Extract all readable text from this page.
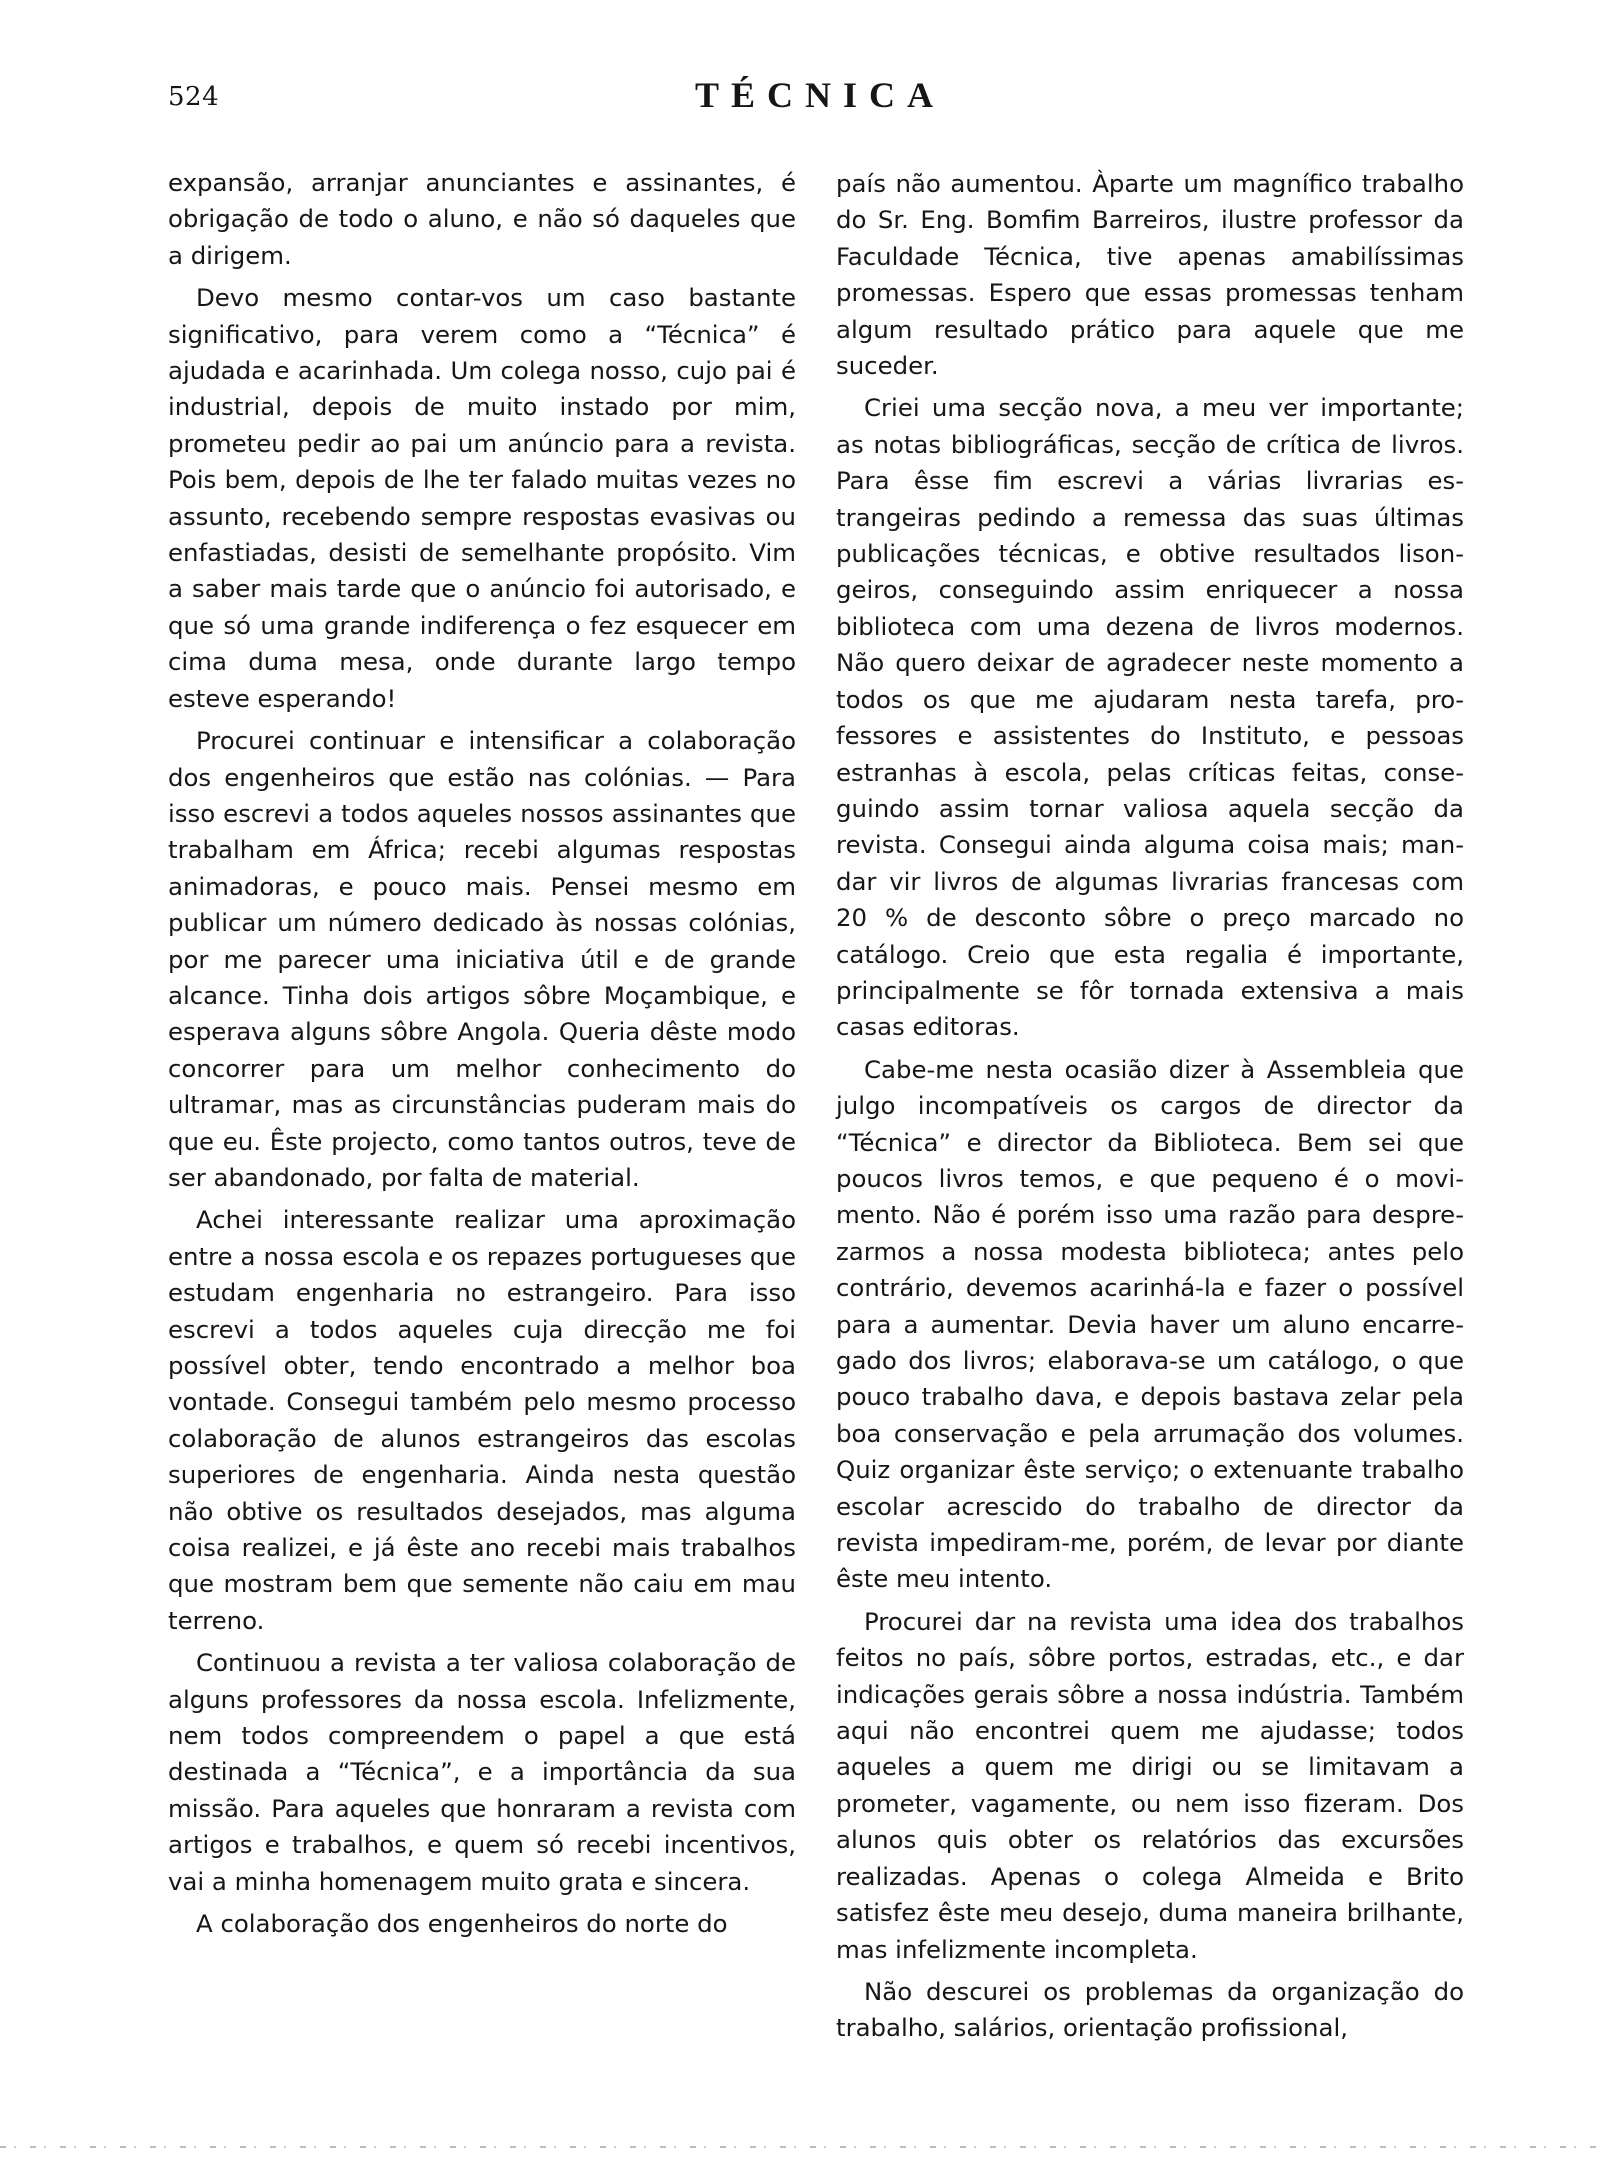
524	TÉCNICA

expansão, arranjar anunciantes e assinantes, é obrigação de todo o aluno, e não só daqueles que a dirigem.

Devo mesmo contar-vos um caso bastante significativo, para verem como a “Técnica” é ajudada e acarinhada. Um colega nosso, cujo pai é industrial, depois de muito instado por mim, prometeu pedir ao pai um anúncio para a revista. Pois bem, depois de lhe ter falado muitas vezes no assunto, recebendo sempre respostas evasivas ou enfastiadas, desisti de semelhante propósito. Vim a saber mais tarde que o anúncio foi autorisado, e que só uma grande indiferença o fez esquecer em cima duma mesa, onde durante largo tempo esteve esperando!

Procurei continuar e intensificar a colaboração dos engenheiros que estão nas colónias. — Para isso escrevi a todos aqueles nossos assinantes que trabalham em África; recebi algumas respostas animadoras, e pouco mais. Pensei mesmo em publicar um número dedicado às nossas colónias, por me parecer uma iniciativa útil e de grande alcance. Tinha dois artigos sôbre Moçambique, e esperava alguns sôbre Angola. Queria dêste modo concorrer para um melhor conhecimento do ultramar, mas as circunstâncias puderam mais do que eu. Êste projecto, como tantos outros, teve de ser abandonado, por falta de material.

Achei interessante realizar uma aproximação entre a nossa escola e os repazes portugueses que estudam engenharia no estrangeiro. Para isso escrevi a todos aqueles cuja direcção me foi possível obter, tendo encontrado a melhor boa vontade. Consegui também pelo mesmo processo colaboração de alunos estrangeiros das escolas superiores de engenharia. Ainda nesta questão não obtive os resultados desejados, mas alguma coisa realizei, e já êste ano recebi mais trabalhos que mostram bem que semente não caiu em mau terreno.

Continuou a revista a ter valiosa colaboração de alguns professores da nossa escola. Infelizmente, nem todos compreendem o papel a que está destinada a “Técnica”, e a importância da sua missão. Para aqueles que honraram a revista com artigos e trabalhos, e quem só recebi incentivos, vai a minha homenagem muito grata e sincera.

A colaboração dos engenheiros do norte do

país não aumentou. Àparte um magnífico trabalho do Sr. Eng. Bomfim Barreiros, ilustre professor da Faculdade Técnica, tive apenas amabilíssimas promessas. Espero que essas promessas tenham algum resultado prático para aquele que me suceder.

Criei uma secção nova, a meu ver importante; as notas bibliográficas, secção de crítica de livros. Para êsse fim escrevi a várias livrarias estrangeiras pedindo a remessa das suas últimas publicações técnicas, e obtive resultados lisongeiros, conseguindo assim enriquecer a nossa biblioteca com uma dezena de livros modernos. Não quero deixar de agradecer neste momento a todos os que me ajudaram nesta tarefa, professores e assistentes do Instituto, e pessoas estranhas à escola, pelas críticas feitas, conseguindo assim tornar valiosa aquela secção da revista. Consegui ainda alguma coisa mais; mandar vir livros de algumas livrarias francesas com 20 % de desconto sôbre o preço marcado no catálogo. Creio que esta regalia é importante, principalmente se fôr tornada extensiva a mais casas editoras.

Cabe-me nesta ocasião dizer à Assembleia que julgo incompatíveis os cargos de director da “Técnica” e director da Biblioteca. Bem sei que poucos livros temos, e que pequeno é o movimento. Não é porém isso uma razão para desprezarmos a nossa modesta biblioteca; antes pelo contrário, devemos acarinhá-la e fazer o possível para a aumentar. Devia haver um aluno encarregado dos livros; elaborava-se um catálogo, o que pouco trabalho dava, e depois bastava zelar pela boa conservação e pela arrumação dos volumes. Quiz organizar êste serviço; o extenuante trabalho escolar acrescido do trabalho de director da revista impediram-me, porém, de levar por diante êste meu intento.

Procurei dar na revista uma idea dos trabalhos feitos no país, sôbre portos, estradas, etc., e dar indicações gerais sôbre a nossa indústria. Também aqui não encontrei quem me ajudasse; todos aqueles a quem me dirigi ou se limitavam a prometer, vagamente, ou nem isso fizeram. Dos alunos quis obter os relatórios das excursões realizadas. Apenas o colega Almeida e Brito satisfez êste meu desejo, duma maneira brilhante, mas infelizmente incompleta.

Não descurei os problemas da organização do trabalho, salários, orientação profissional,
